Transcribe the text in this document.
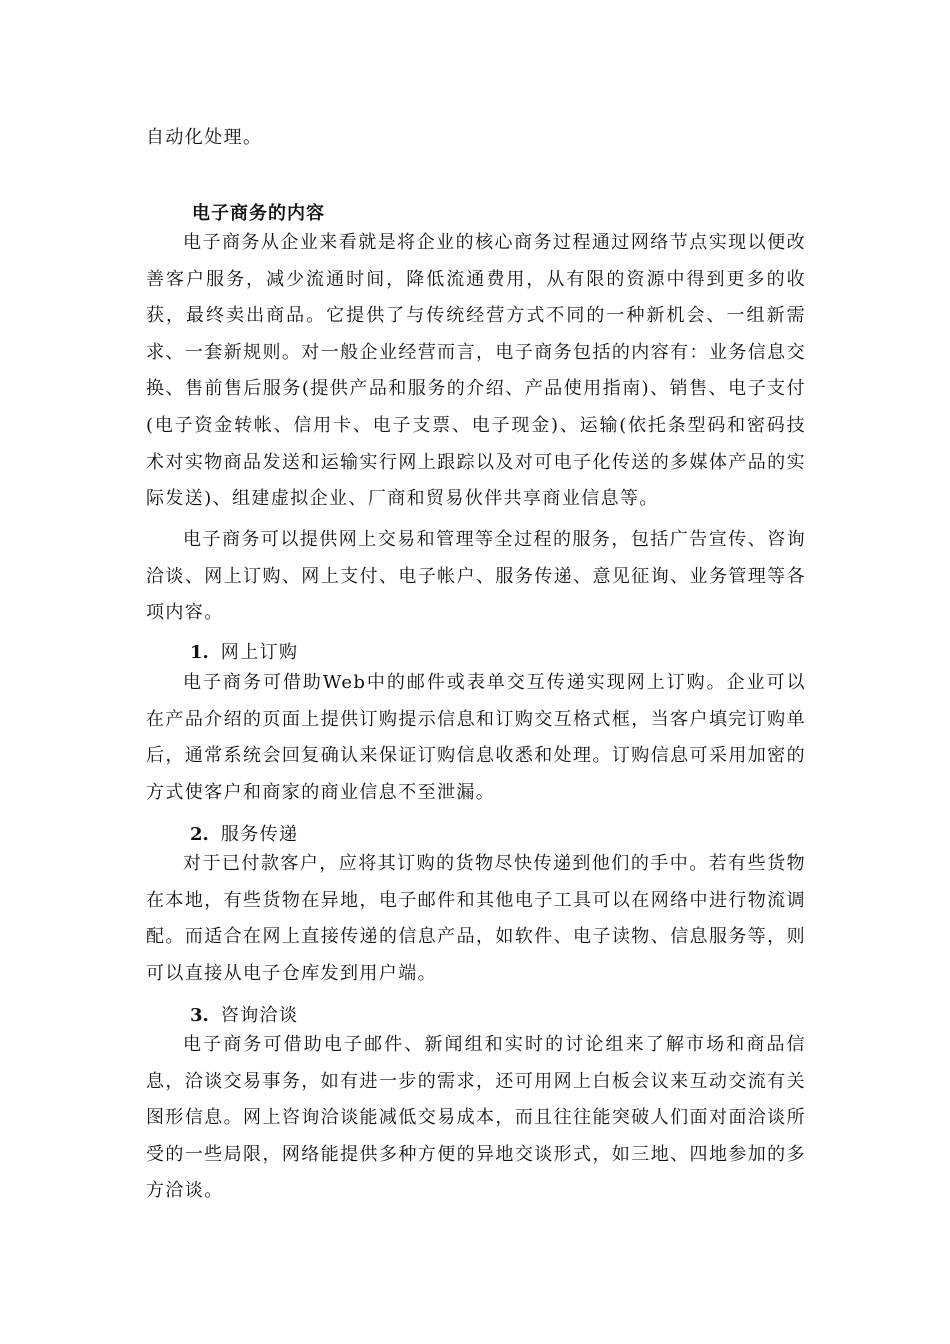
自动化处理。

电子商务的内容

电子商务从企业来看就是将企业的核心商务过程通过网络节点实现以便改善客户服务，减少流通时间，降低流通费用，从有限的资源中得到更多的收获，最终卖出商品。它提供了与传统经营方式不同的一种新机会、一组新需求、一套新规则。对一般企业经营而言，电子商务包括的内容有：业务信息交换、售前售后服务(提供产品和服务的介绍、产品使用指南)、销售、电子支付(电子资金转帐、信用卡、电子支票、电子现金)、运输(依托条型码和密码技术对实物商品发送和运输实行网上跟踪以及对可电子化传送的多媒体产品的实际发送)、组建虚拟企业、厂商和贸易伙伴共享商业信息等。

电子商务可以提供网上交易和管理等全过程的服务，包括广告宣传、咨询洽谈、网上订购、网上支付、电子帐户、服务传递、意见征询、业务管理等各项内容。

1. 网上订购

电子商务可借助Web中的邮件或表单交互传递实现网上订购。企业可以在产品介绍的页面上提供订购提示信息和订购交互格式框，当客户填完订购单后，通常系统会回复确认来保证订购信息收悉和处理。订购信息可采用加密的方式使客户和商家的商业信息不至泄漏。

2. 服务传递

对于已付款客户，应将其订购的货物尽快传递到他们的手中。若有些货物在本地，有些货物在异地，电子邮件和其他电子工具可以在网络中进行物流调配。而适合在网上直接传递的信息产品，如软件、电子读物、信息服务等，则可以直接从电子仓库发到用户端。

3. 咨询洽谈

电子商务可借助电子邮件、新闻组和实时的讨论组来了解市场和商品信息，洽谈交易事务，如有进一步的需求，还可用网上白板会议来互动交流有关图形信息。网上咨询洽谈能减低交易成本，而且往往能突破人们面对面洽谈所受的一些局限，网络能提供多种方便的异地交谈形式，如三地、四地参加的多方洽谈。
